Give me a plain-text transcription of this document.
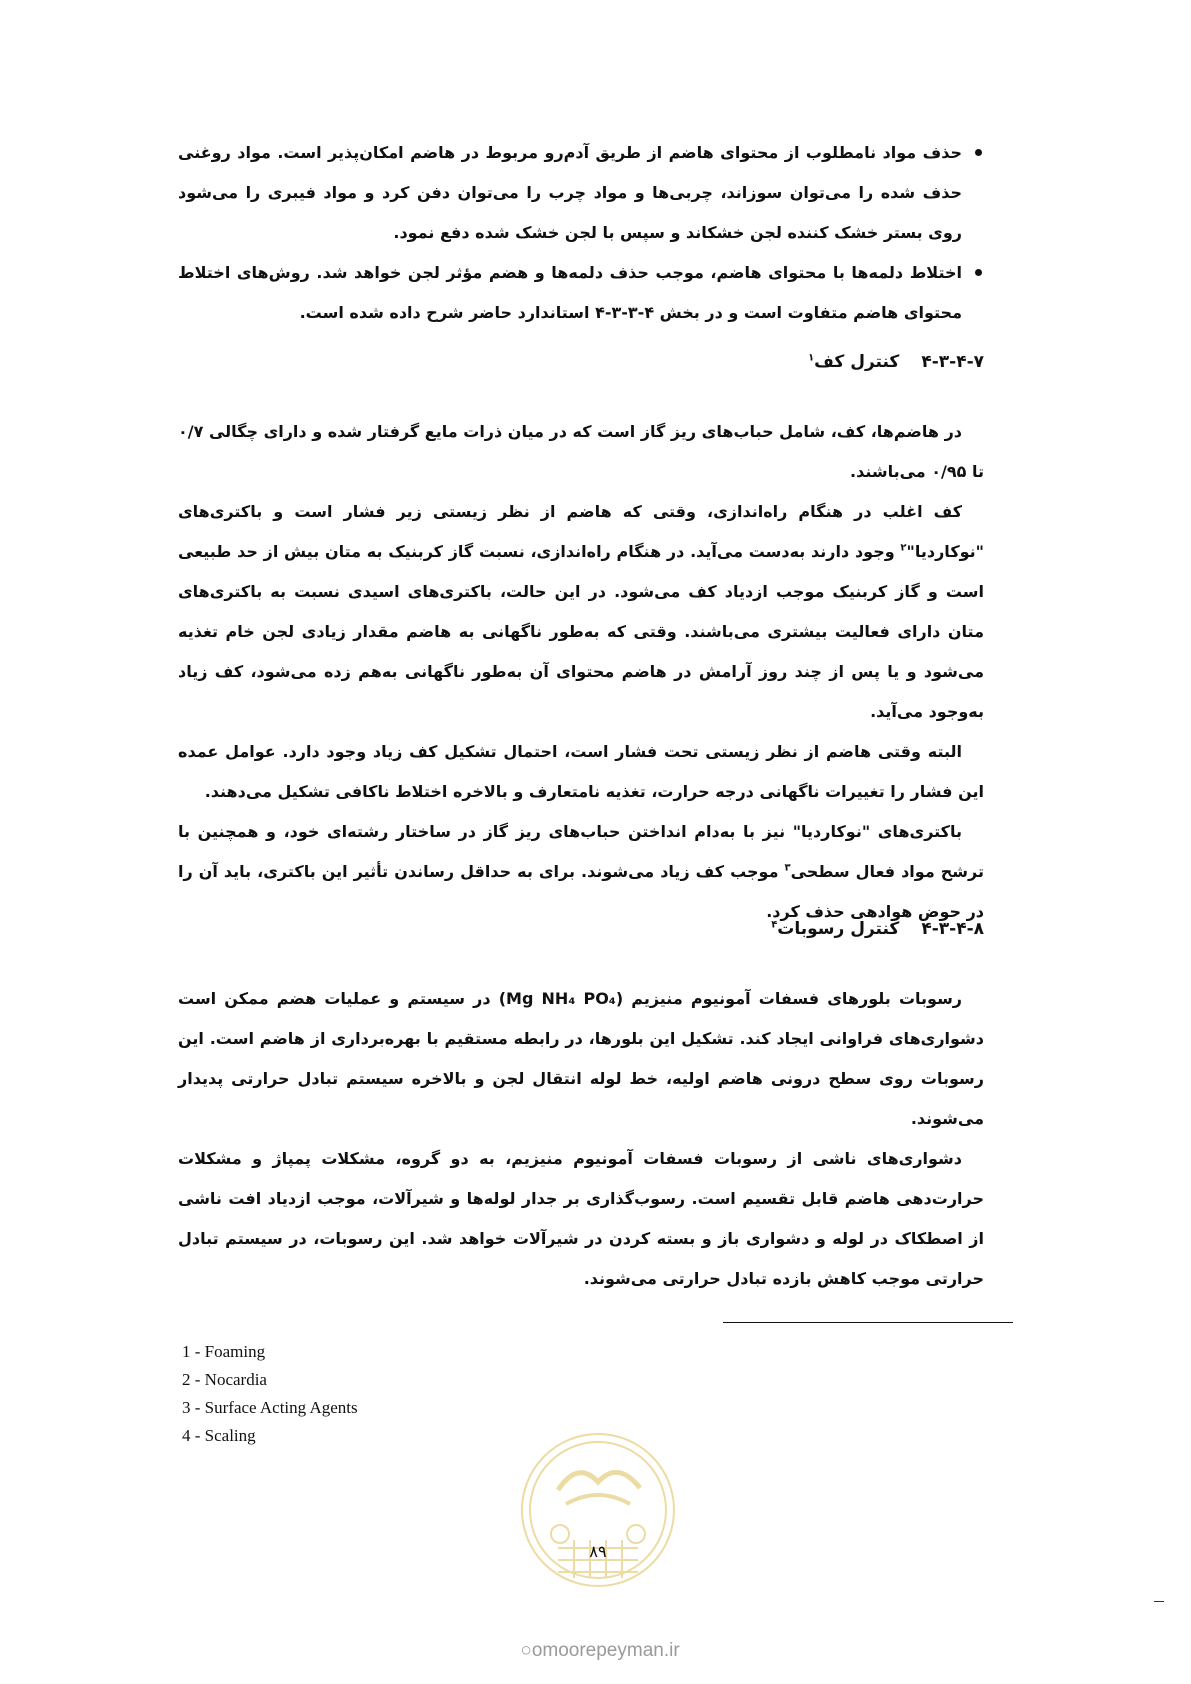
حذف مواد نامطلوب از محتوای هاضم از طریق آدم‌رو مربوط در هاضم امکان‌پذیر است. مواد روغنی حذف شده را می‌توان سوزاند، چربی‌ها و مواد چرب را می‌توان دفن کرد و مواد فیبری را می‌شود روی بستر خشک کننده لجن خشکاند و سپس با لجن خشک شده دفع نمود.
اختلاط دلمه‌ها با محتوای هاضم، موجب حذف دلمه‌ها و هضم مؤثر لجن خواهد شد. روش‌های اختلاط محتوای هاضم متفاوت است و در بخش ۴-۳-۳-۴ استاندارد حاضر شرح داده شده است.
۴-۳-۴-۷کنترل کف$^۱$

در هاضم‌ها، کف، شامل حباب‌های ریز گاز است که در میان ذرات مایع گرفتار شده و دارای چگالی ۰/۷ تا ۰/۹۵ می‌باشند.

کف اغلب در هنگام راه‌اندازی، وقتی که هاضم از نظر زیستی زیر فشار است و باکتری‌های "نوکاردیا"$^۲$ وجود دارند به‌دست می‌آید. در هنگام راه‌اندازی، نسبت گاز کربنیک به متان بیش از حد طبیعی است و گاز کربنیک موجب ازدیاد کف می‌شود. در این حالت، باکتری‌های اسیدی نسبت به باکتری‌های متان دارای فعالیت بیشتری می‌باشند. وقتی که به‌طور ناگهانی به هاضم مقدار زیادی لجن خام تغذیه می‌شود و یا پس از چند روز آرامش در هاضم محتوای آن به‌طور ناگهانی به‌هم زده می‌شود، کف زیاد به‌وجود می‌آید.

البته وقتی هاضم از نظر زیستی تحت فشار است، احتمال تشکیل کف زیاد وجود دارد. عوامل عمده این فشار را تغییرات ناگهانی درجه حرارت، تغذیه نامتعارف و بالاخره اختلاط ناکافی تشکیل می‌دهند.

باکتری‌های "نوکاردیا" نیز با به‌دام انداختن حباب‌های ریز گاز در ساختار رشته‌ای خود، و همچنین با ترشح مواد فعال سطحی$^۳$ موجب کف زیاد می‌شوند. برای به حداقل رساندن تأثیر این باکتری، باید آن را در حوض هوادهی حذف کرد.

۴-۳-۴-۸کنترل رسوبات$^۴$

رسوبات بلورهای فسفات آمونیوم منیزیم (Mg NH₄ PO₄) در سیستم و عملیات هضم ممکن است دشواری‌های فراوانی ایجاد کند. تشکیل این بلورها، در رابطه مستقیم با بهره‌برداری از هاضم است. این رسوبات روی سطح درونی هاضم اولیه، خط لوله انتقال لجن و بالاخره سیستم تبادل حرارتی پدیدار می‌شوند.

دشواری‌های ناشی از رسوبات فسفات آمونیوم منیزیم، به دو گروه، مشکلات پمپاژ و مشکلات حرارت‌دهی هاضم قابل تقسیم است. رسوب‌گذاری بر جدار لوله‌ها و شیرآلات، موجب ازدیاد افت ناشی از اصطکاک در لوله و دشواری باز و بسته کردن در شیرآلات خواهد شد. این رسوبات، در سیستم تبادل حرارتی موجب کاهش بازده تبادل حرارتی می‌شوند.

1 - Foaming
2 - Nocardia
3 - Surface Acting Agents
4 - Scaling
۸۹
○omoorepeyman.ir
